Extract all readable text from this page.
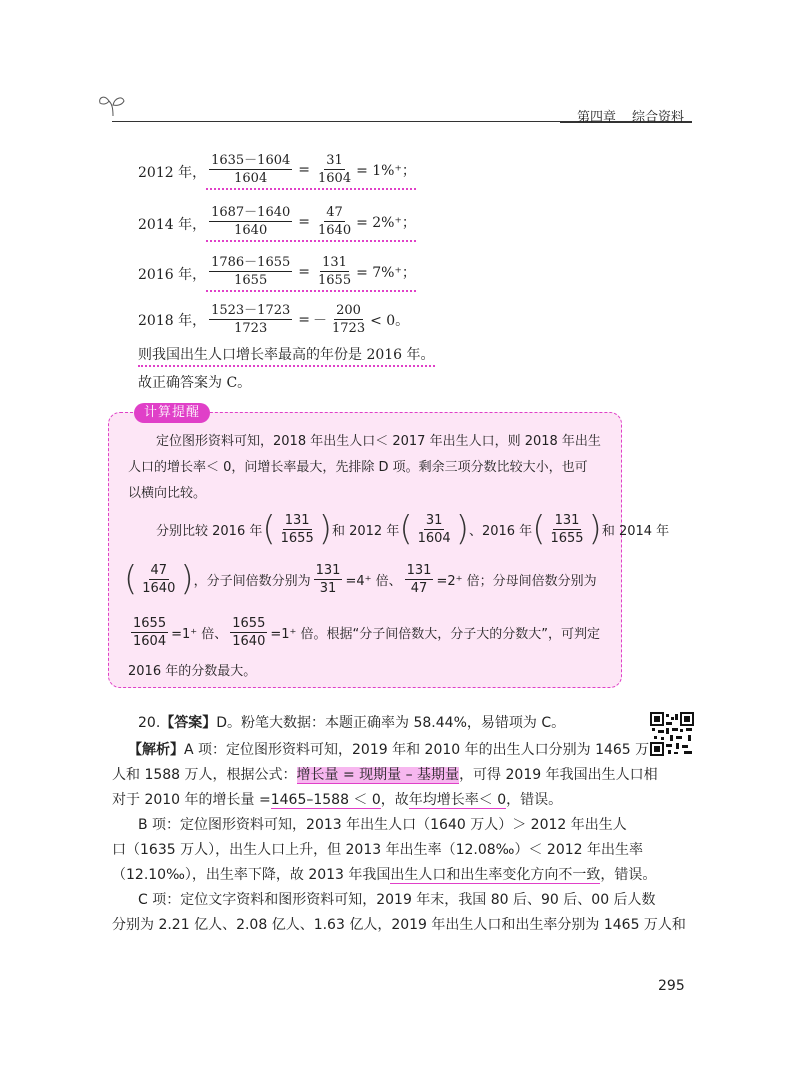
第四章 综合资料
2012 年， $\frac{1635-1604}{1604} = \frac{31}{1604} = 1\%^+$；
2014 年， $\frac{1687-1640}{1640} = \frac{47}{1640} = 2\%^+$；
2016 年， $\frac{1786-1655}{1655} = \frac{131}{1655} = 7\%^+$；
2018 年， $\frac{1523-1723}{1723}$ = － $\frac{200}{1723} < 0$。
则我国出生人口增长率最高的年份是 2016 年。
故正确答案为 C。
计算提醒
定位图形资料可知，2018 年出生人口＜ 2017 年出生人口，则 2018 年出生
人口的增长率＜ 0，问增长率最大，先排除 D 项。剩余三项分数比较大小，也可
以横向比较。
分别比较 2016 年 ( $\frac{131}{1655}$ ) 和 2012 年 ( $\frac{31}{1604}$ ) 、2016 年 ( $\frac{131}{1655}$ ) 和 2014 年
( $\frac{47}{1640}$ ) ，分子间倍数分别为 $\frac{131}{31} =4^+$ 倍、 $\frac{131}{47} =2^+$ 倍；分母间倍数分别为
$\frac{1655}{1604} =1^+$ 倍、 $\frac{1655}{1640} =1^+$ 倍。根据“分子间倍数大，分子大的分数大”，可判定
2016 年的分数最大。
20.【答案】D。粉笔大数据：本题正确率为 58.44%，易错项为 C。
【解析】A 项：定位图形资料可知，2019 年和 2010 年的出生人口分别为 1465 万
人和 1588 万人，根据公式：增长量 = 现期量 – 基期量，可得 2019 年我国出生人口相
对于 2010 年的增长量 =1465–1588 ＜ 0，故年均增长率＜ 0，错误。
B 项：定位图形资料可知，2013 年出生人口（1640 万人）＞ 2012 年出生人
口（1635 万人），出生人口上升，但 2013 年出生率（12.08‰）＜ 2012 年出生率
（12.10‰），出生率下降，故 2013 年我国出生人口和出生率变化方向不一致，错误。
C 项：定位文字资料和图形资料可知，2019 年末，我国 80 后、90 后、00 后人数
分别为 2.21 亿人、2.08 亿人、1.63 亿人，2019 年出生人口和出生率分别为 1465 万人和
295
